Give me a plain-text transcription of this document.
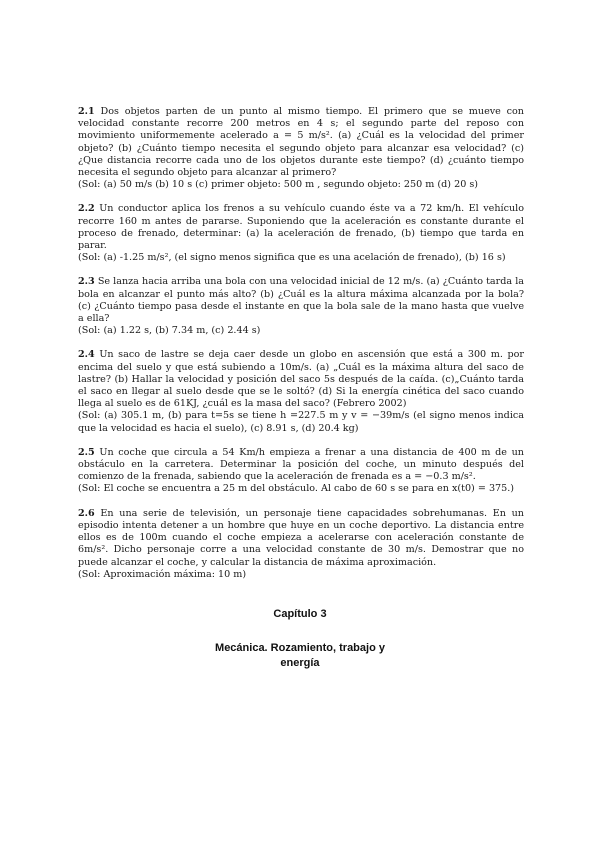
2.1 Dos objetos parten de un punto al mismo tiempo. El primero que se mueve con velocidad constante recorre 200 metros en 4 s; el segundo parte del reposo con movimiento uniformemente acelerado a = 5 m/s². (a) ¿Cuál es la velocidad del primer objeto? (b) ¿Cuánto tiempo necesita el segundo objeto para alcanzar esa velocidad? (c) ¿Que distancia recorre cada uno de los objetos durante este tiempo? (d) ¿cuánto tiempo necesita el segundo objeto para alcanzar al primero?

(Sol: (a) 50 m/s (b) 10 s (c) primer objeto: 500 m , segundo objeto: 250 m (d) 20 s)

2.2 Un conductor aplica los frenos a su vehículo cuando éste va a 72 km/h. El vehículo recorre 160 m antes de pararse. Suponiendo que la aceleración es constante durante el proceso de frenado, determinar: (a) la aceleración de frenado, (b) tiempo que tarda en parar.

(Sol: (a) -1.25 m/s², (el signo menos significa que es una acelación de frenado), (b) 16 s)

2.3 Se lanza hacia arriba una bola con una velocidad inicial de 12 m/s. (a) ¿Cuánto tarda la bola en alcanzar el punto más alto? (b) ¿Cuál es la altura máxima alcanzada por la bola? (c) ¿Cuánto tiempo pasa desde el instante en que la bola sale de la mano hasta que vuelve a ella?

(Sol: (a) 1.22 s, (b) 7.34 m, (c) 2.44 s)

2.4 Un saco de lastre se deja caer desde un globo en ascensión que está a 300 m. por encima del suelo y que está subiendo a 10m/s. (a) „Cuál es la máxima altura del saco de lastre? (b) Hallar la velocidad y posición del saco 5s después de la caída. (c)„Cuánto tarda el saco en llegar al suelo desde que se le soltó? (d) Si la energía cinética del saco cuando llega al suelo es de 61KJ, ¿cuál es la masa del saco? (Febrero 2002)

(Sol: (a) 305.1 m, (b) para t=5s se tiene h =227.5 m y v = −39m/s (el signo menos indica que la velocidad es hacia el suelo), (c) 8.91 s, (d) 20.4 kg)

2.5 Un coche que circula a 54 Km/h empieza a frenar a una distancia de 400 m de un obstáculo en la carretera. Determinar la posición del coche, un minuto después del comienzo de la frenada, sabiendo que la aceleración de frenada es a = −0.3 m/s².

(Sol: El coche se encuentra a 25 m del obstáculo. Al cabo de 60 s se para en x(t0) = 375.)

2.6 En una serie de televisión, un personaje tiene capacidades sobrehumanas. En un episodio intenta detener a un hombre que huye en un coche deportivo. La distancia entre ellos es de 100m cuando el coche empieza a acelerarse con aceleración constante de 6m/s². Dicho personaje corre a una velocidad constante de 30 m/s. Demostrar que no puede alcanzar el coche, y calcular la distancia de máxima aproximación.

(Sol: Aproximación máxima: 10 m)

Capítulo 3
Mecánica. Rozamiento, trabajo y
energía
